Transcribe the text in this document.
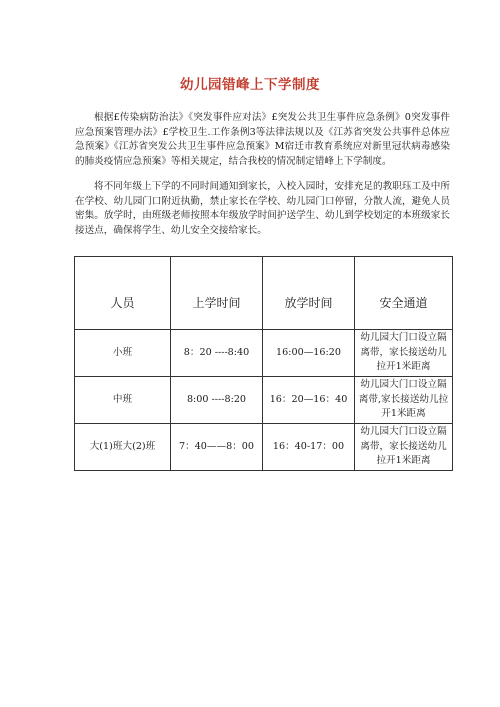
幼儿园错峰上下学制度

根据£传染病防治法》《突发事件应对法》£突发公共卫生事件应急条例》0突发事件应急预案管理办法》£学校卫生.工作条例3等法律法规以及《江苏省突发公共事件总体应急预案》《江苏省突发公共卫生事件应急预案》M宿迁市教育系统应对新里冠状病毒感染的肺炎疫情应急预案》等相关规定，结合我校的情况制定错峰上下学制度。

将不同年级上下学的不同时间通知到家长，入校入园时，安排充足的教职珏工及中所在学校、幼儿园门口附近执勤，禁止家长在学校、幼儿园门口停留，分散人流，避免人员密集。放学时，由班级老师按照本年级放学时间护送学生、幼儿到学校划定的本班级家长接送点，确保将学生、幼儿安全交接给家长。

人员	上学时间	放学时间	安全通道
小班	8：20 ----8:40	16:00—16:20	幼儿园大门口设立隔离带，家长接送幼儿拉开1米距离
中班	8:00 ----8:20	16：20—16：40	幼儿园大门口设立隔离带,家长接送幼儿拉开1米距离
大(1)班大(2)班	7：40——8：00	16：40-17：00	幼儿园大门口设立隔离带，家长接送幼儿拉开1米距离
